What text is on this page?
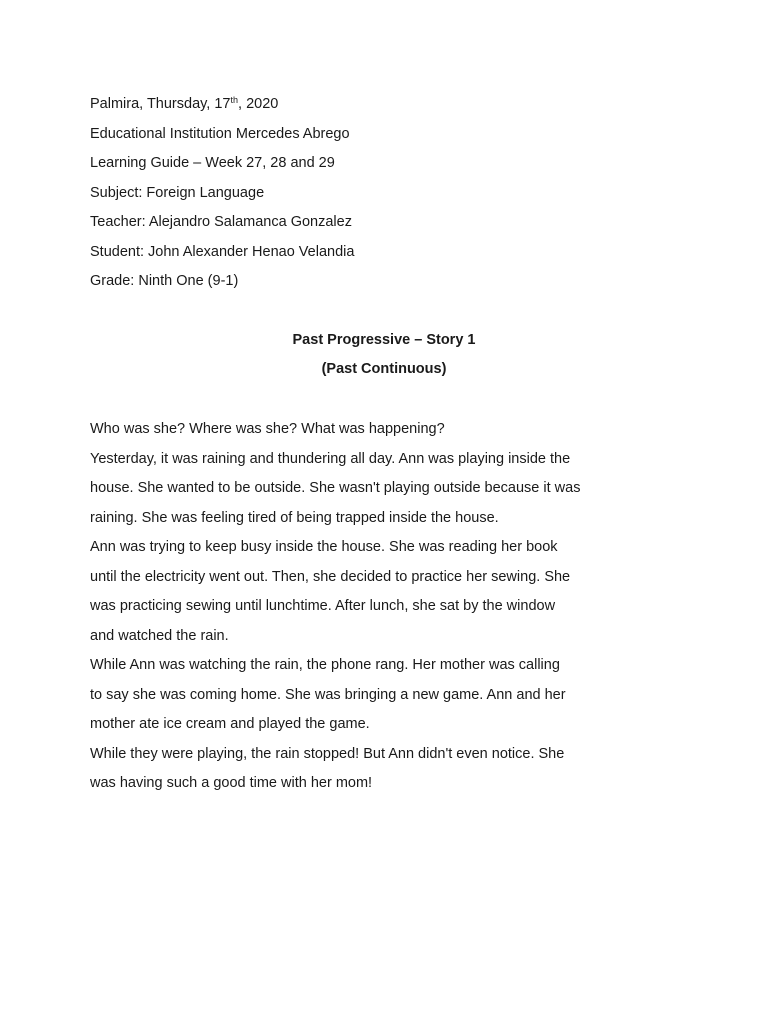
Palmira, Thursday, 17th, 2020
Educational Institution Mercedes Abrego
Learning Guide – Week 27, 28 and 29
Subject: Foreign Language
Teacher: Alejandro Salamanca Gonzalez
Student: John Alexander Henao Velandia
Grade: Ninth One (9-1)
Past Progressive – Story 1
(Past Continuous)
Who was she? Where was she? What was happening?
Yesterday, it was raining and thundering all day. Ann was playing inside the
house. She wanted to be outside. She wasn't playing outside because it was
raining. She was feeling tired of being trapped inside the house.
Ann was trying to keep busy inside the house. She was reading her book
until the electricity went out. Then, she decided to practice her sewing. She
was practicing sewing until lunchtime. After lunch, she sat by the window
and watched the rain.
While Ann was watching the rain, the phone rang. Her mother was calling
to say she was coming home. She was bringing a new game. Ann and her
mother ate ice cream and played the game.
While they were playing, the rain stopped! But Ann didn't even notice. She
was having such a good time with her mom!
